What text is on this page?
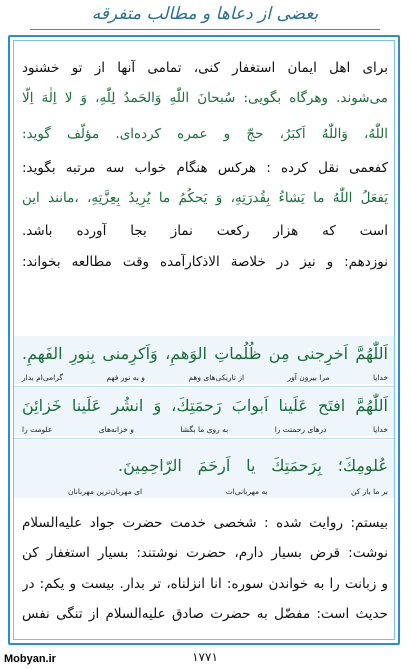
بعضی از دعاها و مطالب متفرقه
برای اهل ایمان استغفار کنی، تمامی آنها از تو خشنود
می‌شوند. وهرگاه بگویی: سُبحانَ اللّٰهِ وَالحَمدُ لِلّٰهِ، وَ لا اِلٰهَ اِلّا
اللّٰهُ، وَاللّٰهُ اَکبَرُ، حجّ و عمره کرده‌ای. مؤلّف گوید:
کفعمی نقل کرده : هرکس هنگام خواب سه مرتبه بگوید:
یَفعَلُ اللّٰهُ ما یَشاءُ بِقُدرَتِهِ، وَ یَحکُمُ ما یُرِیدُ بِعِزَّتِهِ، ،مانند این
است که هزار رکعت نماز بجا آورده باشد.
نوزدهم: و نیز در خلاصة الاذکارآمده وقت مطالعه بخواند:
اَللّٰهُمَّ اَخرِجنی مِن ظُلُماتِ الوَهمِ، وَاَکرِمنی بِنورِ الفَهمِ.
خدایا
مرا بیرون آور
از تاریکی‌های وهم
و به نور فهم
گرامی‌ام بدار
اَللّٰهُمَّ افتَح عَلَینا اَبوابَ رَحمَتِكَ، وَ انشُر عَلَینا خَزائِنَ
خدایا
درهای رحمتت را
به روی ما بگشا
و خزانه‌های
علومت را
عُلومِكَ؛ بِرَحمَتِكَ یا اَرحَمَ الرّاحِمِینَ.
بر ما باز کن
به مهربانی‌ات
ای مهربان‌ترین مهربانان
بیستم: روایت شده : شخصی خدمت حضرت جواد علیه‌السلام
نوشت: قرض بسیار دارم، حضرت نوشتند: بسیار استغفار کن
و زبانت را به خواندن سوره: انا انزلناه، تر بدار. بیست و یکم: در
حدیث است: مفضّل به حضرت صادق علیه‌السلام از تنگی نفس
۱۷۷۱
Mobyan.ir
